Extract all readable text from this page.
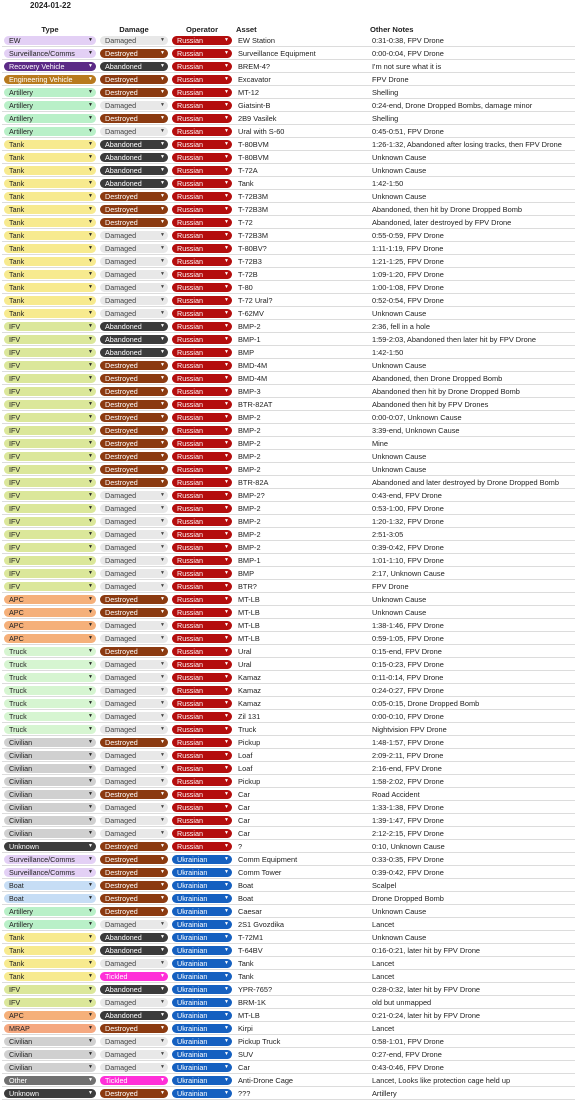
2024-01-22
Type	Damage	Operator	Asset	Other Notes

EW ▼	Damaged ▼	Russian ▼	EW Station	0:31-0:38, FPV Drone

Surveillance/Comms ▼	Destroyed ▼	Russian ▼	Surveillance Equipment	0:00-0:04, FPV Drone

Recovery Vehicle ▼	Abandoned ▼	Russian ▼	BREM-4?	I'm not sure what it is

Engineering Vehicle ▼	Destroyed ▼	Russian ▼	Excavator	FPV Drone

Artillery ▼	Destroyed ▼	Russian ▼	MT-12	Shelling

Artillery ▼	Damaged ▼	Russian ▼	Giatsint-B	0:24-end, Drone Dropped Bombs, damage minor

Artillery ▼	Destroyed ▼	Russian ▼	2B9 Vasilek	Shelling

Artillery ▼	Damaged ▼	Russian ▼	Ural with S-60	0:45-0:51, FPV Drone

Tank ▼	Abandoned ▼	Russian ▼	T-80BVM	1:26-1:32, Abandoned after losing tracks, then FPV Drone

Tank ▼	Abandoned ▼	Russian ▼	T-80BVM	Unknown Cause

Tank ▼	Abandoned ▼	Russian ▼	T-72A	Unknown Cause

Tank ▼	Abandoned ▼	Russian ▼	Tank	1:42-1:50

Tank ▼	Destroyed ▼	Russian ▼	T-72B3M	Unknown Cause

Tank ▼	Destroyed ▼	Russian ▼	T-72B3M	Abandoned, then hit by Drone Dropped Bomb

Tank ▼	Destroyed ▼	Russian ▼	T-72	Abandoned, later destroyed by FPV Drone

Tank ▼	Damaged ▼	Russian ▼	T-72B3M	0:55-0:59, FPV Drone

Tank ▼	Damaged ▼	Russian ▼	T-80BV?	1:11-1:19, FPV Drone

Tank ▼	Damaged ▼	Russian ▼	T-72B3	1:21-1:25, FPV Drone

Tank ▼	Damaged ▼	Russian ▼	T-72B	1:09-1:20, FPV Drone

Tank ▼	Damaged ▼	Russian ▼	T-80	1:00-1:08, FPV Drone

Tank ▼	Damaged ▼	Russian ▼	T-72 Ural?	0:52-0:54, FPV Drone

Tank ▼	Damaged ▼	Russian ▼	T-62MV	Unknown Cause

IFV ▼	Abandoned ▼	Russian ▼	BMP-2	2:36, fell in a hole

IFV ▼	Abandoned ▼	Russian ▼	BMP-1	1:59-2:03, Abandoned then later hit by FPV Drone

IFV ▼	Abandoned ▼	Russian ▼	BMP	1:42-1:50

IFV ▼	Destroyed ▼	Russian ▼	BMD-4M	Unknown Cause

IFV ▼	Destroyed ▼	Russian ▼	BMD-4M	Abandoned, then Drone Dropped Bomb

IFV ▼	Destroyed ▼	Russian ▼	BMP-3	Abandoned then hit by Drone Dropped Bomb

IFV ▼	Destroyed ▼	Russian ▼	BTR-82AT	Abandoned then hit by FPV Drones

IFV ▼	Destroyed ▼	Russian ▼	BMP-2	0:00-0:07, Unknown Cause

IFV ▼	Destroyed ▼	Russian ▼	BMP-2	3:39-end, Unknown Cause

IFV ▼	Destroyed ▼	Russian ▼	BMP-2	Mine

IFV ▼	Destroyed ▼	Russian ▼	BMP-2	Unknown Cause

IFV ▼	Destroyed ▼	Russian ▼	BMP-2	Unknown Cause

IFV ▼	Destroyed ▼	Russian ▼	BTR-82A	Abandoned and later destroyed by Drone Dropped Bomb

IFV ▼	Damaged ▼	Russian ▼	BMP-2?	0:43-end, FPV Drone

IFV ▼	Damaged ▼	Russian ▼	BMP-2	0:53-1:00, FPV Drone

IFV ▼	Damaged ▼	Russian ▼	BMP-2	1:20-1:32, FPV Drone

IFV ▼	Damaged ▼	Russian ▼	BMP-2	2:51-3:05

IFV ▼	Damaged ▼	Russian ▼	BMP-2	0:39-0:42, FPV Drone

IFV ▼	Damaged ▼	Russian ▼	BMP-1	1:01-1:10, FPV Drone

IFV ▼	Damaged ▼	Russian ▼	BMP	2:17, Unknown Cause

IFV ▼	Damaged ▼	Russian ▼	BTR?	FPV Drone

APC ▼	Destroyed ▼	Russian ▼	MT-LB	Unknown Cause

APC ▼	Destroyed ▼	Russian ▼	MT-LB	Unknown Cause

APC ▼	Damaged ▼	Russian ▼	MT-LB	1:38-1:46, FPV Drone

APC ▼	Damaged ▼	Russian ▼	MT-LB	0:59-1:05, FPV Drone

Truck ▼	Destroyed ▼	Russian ▼	Ural	0:15-end, FPV Drone

Truck ▼	Damaged ▼	Russian ▼	Ural	0:15-0:23, FPV Drone

Truck ▼	Damaged ▼	Russian ▼	Kamaz	0:11-0:14, FPV Drone

Truck ▼	Damaged ▼	Russian ▼	Kamaz	0:24-0:27, FPV Drone

Truck ▼	Damaged ▼	Russian ▼	Kamaz	0:05-0:15, Drone Dropped Bomb

Truck ▼	Damaged ▼	Russian ▼	Zil 131	0:00-0:10, FPV Drone

Truck ▼	Damaged ▼	Russian ▼	Truck	Nightvision FPV Drone

Civilian ▼	Destroyed ▼	Russian ▼	Pickup	1:48-1:57, FPV Drone

Civilian ▼	Damaged ▼	Russian ▼	Loaf	2:09-2:11, FPV Drone

Civilian ▼	Damaged ▼	Russian ▼	Loaf	2:16-end, FPV Drone

Civilian ▼	Damaged ▼	Russian ▼	Pickup	1:58-2:02, FPV Drone

Civilian ▼	Destroyed ▼	Russian ▼	Car	Road Accident

Civilian ▼	Damaged ▼	Russian ▼	Car	1:33-1:38, FPV Drone

Civilian ▼	Damaged ▼	Russian ▼	Car	1:39-1:47, FPV Drone

Civilian ▼	Damaged ▼	Russian ▼	Car	2:12-2:15, FPV Drone

Unknown ▼	Destroyed ▼	Russian ▼	?	0:10, Unknown Cause

Surveillance/Comms ▼	Destroyed ▼	Ukrainian ▼	Comm Equipment	0:33-0:35, FPV Drone

Surveillance/Comms ▼	Destroyed ▼	Ukrainian ▼	Comm Tower	0:39-0:42, FPV Drone

Boat ▼	Destroyed ▼	Ukrainian ▼	Boat	Scalpel

Boat ▼	Destroyed ▼	Ukrainian ▼	Boat	Drone Dropped Bomb

Artillery ▼	Destroyed ▼	Ukrainian ▼	Caesar	Unknown Cause

Artillery ▼	Damaged ▼	Ukrainian ▼	2S1 Gvozdika	Lancet

Tank ▼	Abandoned ▼	Ukrainian ▼	T-72M1	Unknown Cause

Tank ▼	Abandoned ▼	Ukrainian ▼	T-64BV	0:16-0:21, later hit by FPV Drone

Tank ▼	Damaged ▼	Ukrainian ▼	Tank	Lancet

Tank ▼	Tickled ▼	Ukrainian ▼	Tank	Lancet

IFV ▼	Abandoned ▼	Ukrainian ▼	YPR-765?	0:28-0:32, later hit by FPV Drone

IFV ▼	Damaged ▼	Ukrainian ▼	BRM-1K	old but unmapped

APC ▼	Abandoned ▼	Ukrainian ▼	MT-LB	0:21-0:24, later hit by FPV Drone

MRAP ▼	Destroyed ▼	Ukrainian ▼	Kirpi	Lancet

Civilian ▼	Damaged ▼	Ukrainian ▼	Pickup Truck	0:58-1:01, FPV Drone

Civilian ▼	Damaged ▼	Ukrainian ▼	SUV	0:27-end, FPV Drone

Civilian ▼	Damaged ▼	Ukrainian ▼	Car	0:43-0:46, FPV Drone

Other ▼	Tickled ▼	Ukrainian ▼	Anti-Drone Cage	Lancet, Looks like protection cage held up

Unknown ▼	Destroyed ▼	Ukrainian ▼	???	Artillery
